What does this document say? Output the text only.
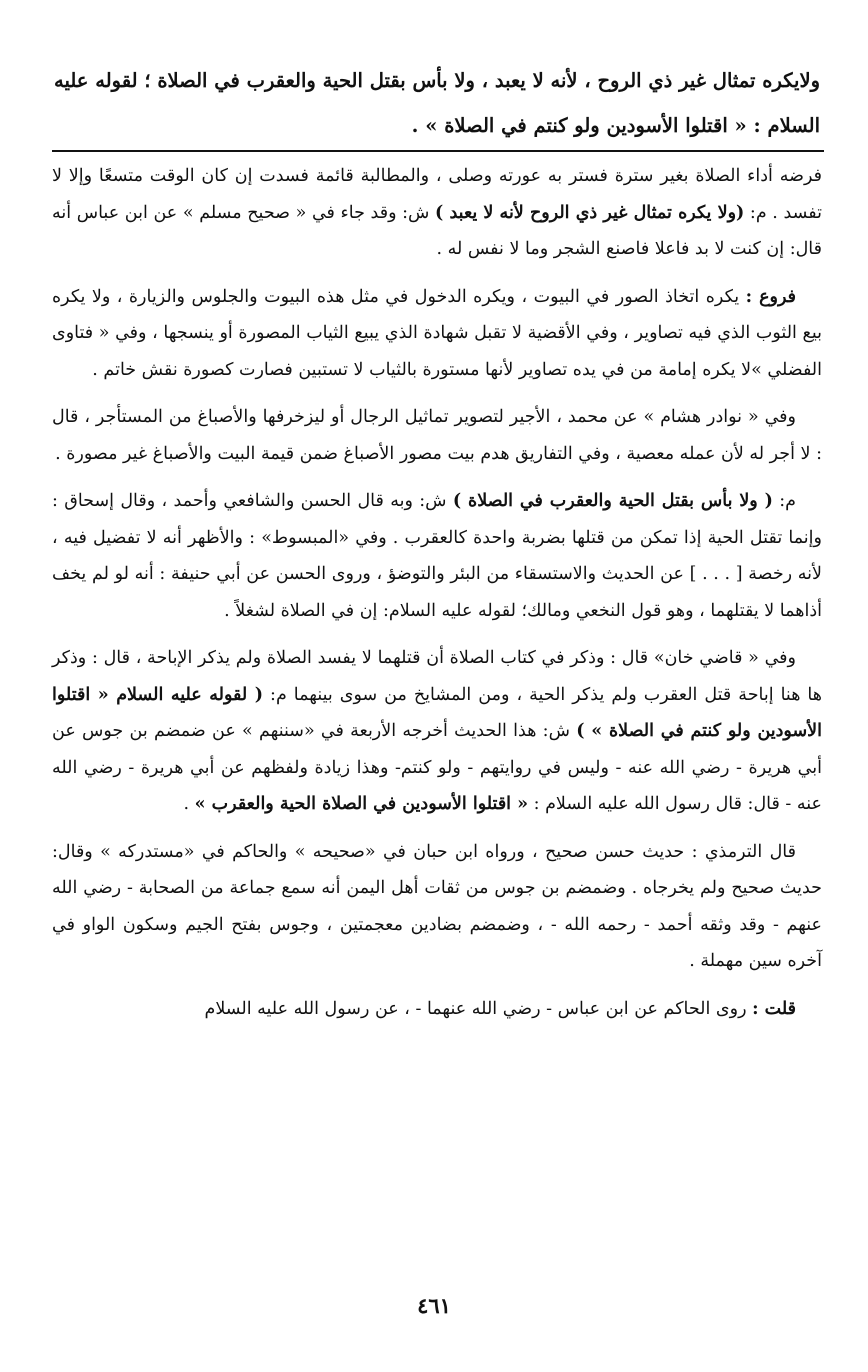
ولايكره تمثال غير ذي الروح ، لأنه لا يعبد ، ولا بأس بقتل الحية والعقرب في الصلاة ؛ لقوله عليه السلام : « اقتلوا الأسودين ولو كنتم في الصلاة » .

فرضه أداء الصلاة بغير سترة فستر به عورته وصلى ، والمطالبة قائمة فسدت إن كان الوقت متسعًا وإلا لا تفسد . م: (ولا يكره تمثال غير ذي الروح لأنه لا يعبد ) ش: وقد جاء في « صحيح مسلم » عن ابن عباس أنه قال: إن كنت لا بد فاعلا فاصنع الشجر وما لا نفس له .

فروع : يكره اتخاذ الصور في البيوت ، ويكره الدخول في مثل هذه البيوت والجلوس والزيارة ، ولا يكره بيع الثوب الذي فيه تصاوير ، وفي الأقضية لا تقبل شهادة الذي يبيع الثياب المصورة أو ينسجها ، وفي « فتاوى الفضلي »لا يكره إمامة من في يده تصاوير لأنها مستورة بالثياب لا تستبين فصارت كصورة نقش خاتم .

وفي « نوادر هشام » عن محمد ، الأجير لتصوير تماثيل الرجال أو ليزخرفها والأصباغ من المستأجر ، قال : لا أجر له لأن عمله معصية ، وفي التفاريق هدم بيت مصور الأصباغ ضمن قيمة البيت والأصباغ غير مصورة .

م: ( ولا بأس بقتل الحية والعقرب في الصلاة ) ش: وبه قال الحسن والشافعي وأحمد ، وقال إسحاق : وإنما تقتل الحية إذا تمكن من قتلها بضربة واحدة كالعقرب . وفي «المبسوط» : والأظهر أنه لا تفضيل فيه ، لأنه رخصة [ . . . ] عن الحديث والاستسقاء من البئر والتوضؤ ، وروى الحسن عن أبي حنيفة : أنه لو لم يخف أذاهما لا يقتلهما ، وهو قول النخعي ومالك؛ لقوله عليه السلام: إن في الصلاة لشغلاً .

وفي « قاضي خان» قال : وذكر في كتاب الصلاة أن قتلهما لا يفسد الصلاة ولم يذكر الإباحة ، قال : وذكر ها هنا إباحة قتل العقرب ولم يذكر الحية ، ومن المشايخ من سوى بينهما م: ( لقوله عليه السلام « اقتلوا الأسودين ولو كنتم في الصلاة » ) ش: هذا الحديث أخرجه الأربعة في «سننهم » عن ضمضم بن جوس عن أبي هريرة - رضي الله عنه - وليس في روايتهم - ولو كنتم- وهذا زيادة ولفظهم عن أبي هريرة - رضي الله عنه - قال: قال رسول الله عليه السلام : « اقتلوا الأسودين في الصلاة الحية والعقرب » .

قال الترمذي : حديث حسن صحيح ، ورواه ابن حبان في «صحيحه » والحاكم في «مستدركه » وقال: حديث صحيح ولم يخرجاه . وضمضم بن جوس من ثقات أهل اليمن أنه سمع جماعة من الصحابة - رضي الله عنهم - وقد وثقه أحمد - رحمه الله - ، وضمضم بضادين معجمتين ، وجوس بفتح الجيم وسكون الواو في آخره سين مهملة .

قلت : روى الحاكم عن ابن عباس - رضي الله عنهما - ، عن رسول الله عليه السلام

٤٦١
